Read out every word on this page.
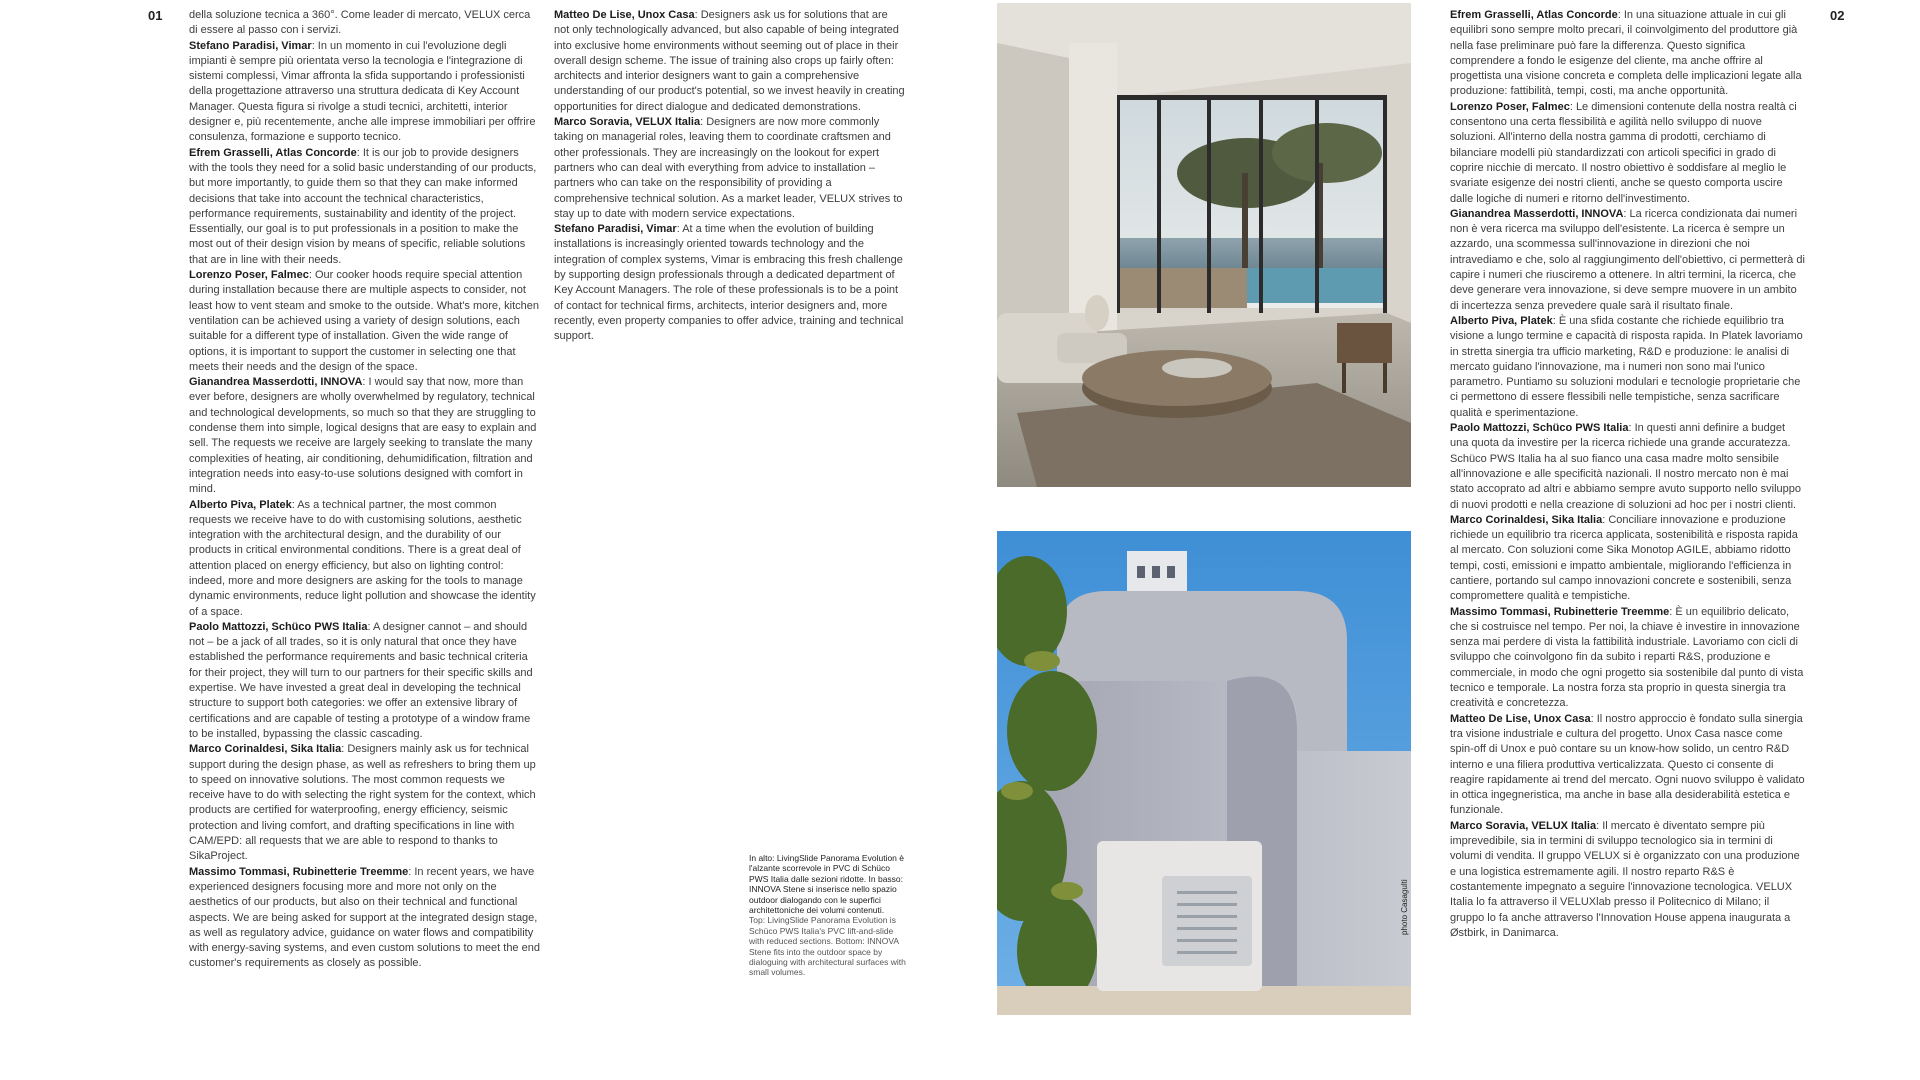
01	02

della soluzione tecnica a 360°. Come leader di mercato, VELUX cerca di essere al passo con i servizi.

Stefano Paradisi, Vimar: In un momento in cui l'evoluzione degli impianti è sempre più orientata verso la tecnologia e l'integrazione di sistemi complessi, Vimar affronta la sfida supportando i professionisti della progettazione attraverso una struttura dedicata di Key Account Manager. Questa figura si rivolge a studi tecnici, architetti, interior designer e, più recentemente, anche alle imprese immobiliari per offrire consulenza, formazione e supporto tecnico.

Efrem Grasselli, Atlas Concorde: It is our job to provide designers with the tools they need for a solid basic understanding of our products, but more importantly, to guide them so that they can make informed decisions that take into account the technical characteristics, performance requirements, sustainability and identity of the project. Essentially, our goal is to put professionals in a position to make the most out of their design vision by means of specific, reliable solutions that are in line with their needs.

Lorenzo Poser, Falmec: Our cooker hoods require special attention during installation because there are multiple aspects to consider, not least how to vent steam and smoke to the outside. What's more, kitchen ventilation can be achieved using a variety of design solutions, each suitable for a different type of installation. Given the wide range of options, it is important to support the customer in selecting one that meets their needs and the design of the space.

Gianandrea Masserdotti, INNOVA: I would say that now, more than ever before, designers are wholly overwhelmed by regulatory, technical and technological developments, so much so that they are struggling to condense them into simple, logical designs that are easy to explain and sell. The requests we receive are largely seeking to translate the many complexities of heating, air conditioning, dehumidification, filtration and integration needs into easy-to-use solutions designed with comfort in mind.

Alberto Piva, Platek: As a technical partner, the most common requests we receive have to do with customising solutions, aesthetic integration with the architectural design, and the durability of our products in critical environmental conditions. There is a great deal of attention placed on energy efficiency, but also on lighting control: indeed, more and more designers are asking for the tools to manage dynamic environments, reduce light pollution and showcase the identity of a space.

Paolo Mattozzi, Schüco PWS Italia: A designer cannot – and should not – be a jack of all trades, so it is only natural that once they have established the performance requirements and basic technical criteria for their project, they will turn to our partners for their specific skills and expertise. We have invested a great deal in developing the technical structure to support both categories: we offer an extensive library of certifications and are capable of testing a prototype of a window frame to be installed, bypassing the classic cascading.

Marco Corinaldesi, Sika Italia: Designers mainly ask us for technical support during the design phase, as well as refreshers to bring them up to speed on innovative solutions. The most common requests we receive have to do with selecting the right system for the context, which products are certified for waterproofing, energy efficiency, seismic protection and living comfort, and drafting specifications in line with CAM/EPD: all requests that we are able to respond to thanks to SikaProject.

Massimo Tommasi, Rubinetterie Treemme: In recent years, we have experienced designers focusing more and more not only on the aesthetics of our products, but also on their technical and functional aspects. We are being asked for support at the integrated design stage, as well as regulatory advice, guidance on water flows and compatibility with energy-saving systems, and even custom solutions to meet the end customer's requirements as closely as possible.

Matteo De Lise, Unox Casa: Designers ask us for solutions that are not only technologically advanced, but also capable of being integrated into exclusive home environments without seeming out of place in their overall design scheme. The issue of training also crops up fairly often: architects and interior designers want to gain a comprehensive understanding of our product's potential, so we invest heavily in creating opportunities for direct dialogue and dedicated demonstrations.

Marco Soravia, VELUX Italia: Designers are now more commonly taking on managerial roles, leaving them to coordinate craftsmen and other professionals. They are increasingly on the lookout for expert partners who can deal with everything from advice to installation – partners who can take on the responsibility of providing a comprehensive technical solution. As a market leader, VELUX strives to stay up to date with modern service expectations.

Stefano Paradisi, Vimar: At a time when the evolution of building installations is increasingly oriented towards technology and the integration of complex systems, Vimar is embracing this fresh challenge by supporting design professionals through a dedicated department of Key Account Managers. The role of these professionals is to be a point of contact for technical firms, architects, interior designers and, more recently, even property companies to offer advice, training and technical support.

Efrem Grasselli, Atlas Concorde: In una situazione attuale in cui gli equilibri sono sempre molto precari, il coinvolgimento del produttore già nella fase preliminare può fare la differenza. Questo significa comprendere a fondo le esigenze del cliente, ma anche offrire al progettista una visione concreta e completa delle implicazioni legate alla produzione: fattibilità, tempi, costi, ma anche opportunità.

Lorenzo Poser, Falmec: Le dimensioni contenute della nostra realtà ci consentono una certa flessibilità e agilità nello sviluppo di nuove soluzioni. All'interno della nostra gamma di prodotti, cerchiamo di bilanciare modelli più standardizzati con articoli specifici in grado di coprire nicchie di mercato. Il nostro obiettivo è soddisfare al meglio le svariate esigenze dei nostri clienti, anche se questo comporta uscire dalle logiche di numeri e ritorno dell'investimento.

Gianandrea Masserdotti, INNOVA: La ricerca condizionata dai numeri non è vera ricerca ma sviluppo dell'esistente. La ricerca è sempre un azzardo, una scommessa sull'innovazione in direzioni che noi intravediamo e che, solo al raggiungimento dell'obiettivo, ci permetterà di capire i numeri che riusciremo a ottenere. In altri termini, la ricerca, che deve generare vera innovazione, si deve sempre muovere in un ambito di incertezza senza prevedere quale sarà il risultato finale.

Alberto Piva, Platek: È una sfida costante che richiede equilibrio tra visione a lungo termine e capacità di risposta rapida. In Platek lavoriamo in stretta sinergia tra ufficio marketing, R&D e produzione: le analisi di mercato guidano l'innovazione, ma i numeri non sono mai l'unico parametro. Puntiamo su soluzioni modulari e tecnologie proprietarie che ci permettono di essere flessibili nelle tempistiche, senza sacrificare qualità e sperimentazione.

Paolo Mattozzi, Schüco PWS Italia: In questi anni definire a budget una quota da investire per la ricerca richiede una grande accuratezza. Schüco PWS Italia ha al suo fianco una casa madre molto sensibile all'innovazione e alle specificità nazionali. Il nostro mercato non è mai stato accoprato ad altri e abbiamo sempre avuto supporto nello sviluppo di nuovi prodotti e nella creazione di soluzioni ad hoc per i nostri clienti.

Marco Corinaldesi, Sika Italia: Conciliare innovazione e produzione richiede un equilibrio tra ricerca applicata, sostenibilità e risposta rapida al mercato. Con soluzioni come Sika Monotop AGILE, abbiamo ridotto tempi, costi, emissioni e impatto ambientale, migliorando l'efficienza in cantiere, portando sul campo innovazioni concrete e sostenibili, senza compromettere qualità e tempistiche.

Massimo Tommasi, Rubinetterie Treemme: È un equilibrio delicato, che si costruisce nel tempo. Per noi, la chiave è investire in innovazione senza mai perdere di vista la fattibilità industriale. Lavoriamo con cicli di sviluppo che coinvolgono fin da subito i reparti R&S, produzione e commerciale, in modo che ogni progetto sia sostenibile dal punto di vista tecnico e temporale. La nostra forza sta proprio in questa sinergia tra creatività e concretezza.

Matteo De Lise, Unox Casa: Il nostro approccio è fondato sulla sinergia tra visione industriale e cultura del progetto. Unox Casa nasce come spin-off di Unox e può contare su un know-how solido, un centro R&D interno e una filiera produttiva verticalizzata. Questo ci consente di reagire rapidamente ai trend del mercato. Ogni nuovo sviluppo è validato in ottica ingegneristica, ma anche in base alla desiderabilità estetica e funzionale.

Marco Soravia, VELUX Italia: Il mercato è diventato sempre più imprevedibile, sia in termini di sviluppo tecnologico sia in termini di volumi di vendita. Il gruppo VELUX si è organizzato con una produzione e una logistica estremamente agili. Il nostro reparto R&S è costantemente impegnato a seguire l'innovazione tecnologica. VELUX Italia lo fa attraverso il VELUXlab presso il Politecnico di Milano; il gruppo lo fa anche attraverso l'Innovation House appena inaugurata a Østbirk, in Danimarca.

In alto: LivingSlide Panorama Evolution è l'alzante scorrevole in PVC di Schüco PWS Italia dalle sezioni ridotte. In basso: INNOVA Stene si inserisce nello spazio outdoor dialogando con le superfici architettoniche dei volumi contenuti.
Top: LivingSlide Panorama Evolution is Schüco PWS Italia's PVC lift-and-slide with reduced sections. Bottom: INNOVA Stene fits into the outdoor space by dialoguing with architectural surfaces with small volumes.
photo Casagulti
